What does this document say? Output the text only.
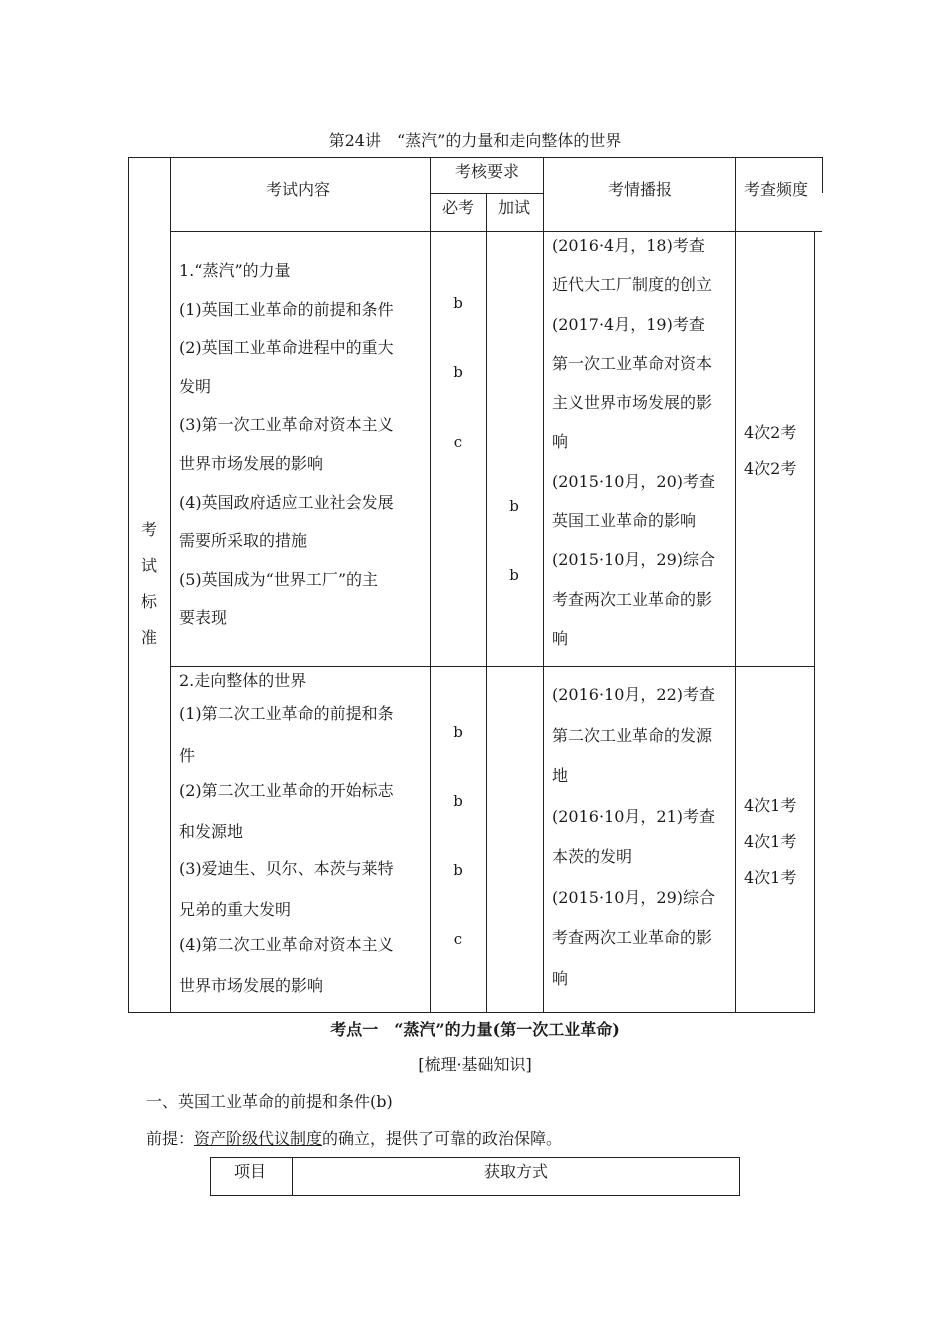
第24讲　“蒸汽”的力量和走向整体的世界
考
试
标
准
考试内容
考核要求
必考 加试
考情播报	考查频度
1.“蒸汽”的力量
(1)英国工业革命的前提和条件
(2)英国工业革命进程中的重大
发明
(3)第一次工业革命对资本主义
世界市场发展的影响
(4)英国政府适应工业社会发展
需要所采取的措施
(5)英国成为“世界工厂”的主
要表现
b
b
c
b
b
(2016·4月，18)考查
近代大工厂制度的创立
(2017·4月，19)考查
第一次工业革命对资本
主义世界市场发展的影
响
(2015·10月，20)考查
英国工业革命的影响
(2015·10月，29)综合
考查两次工业革命的影
响
4次2考
4次2考
2.走向整体的世界
(1)第二次工业革命的前提和条
件
(2)第二次工业革命的开始标志
和发源地
(3)爱迪生、贝尔、本茨与莱特
兄弟的重大发明
(4)第二次工业革命对资本主义
世界市场发展的影响
b
b
b
c
(2016·10月，22)考查
第二次工业革命的发源
地
(2016·10月，21)考查
本茨的发明
(2015·10月，29)综合
考查两次工业革命的影
响
4次1考
4次1考
4次1考
考点一　“蒸汽”的力量(第一次工业革命)
[梳理·基础知识]
一、英国工业革命的前提和条件(b)
前提：资产阶级代议制度的确立，提供了可靠的政治保障。
项目	获取方式
